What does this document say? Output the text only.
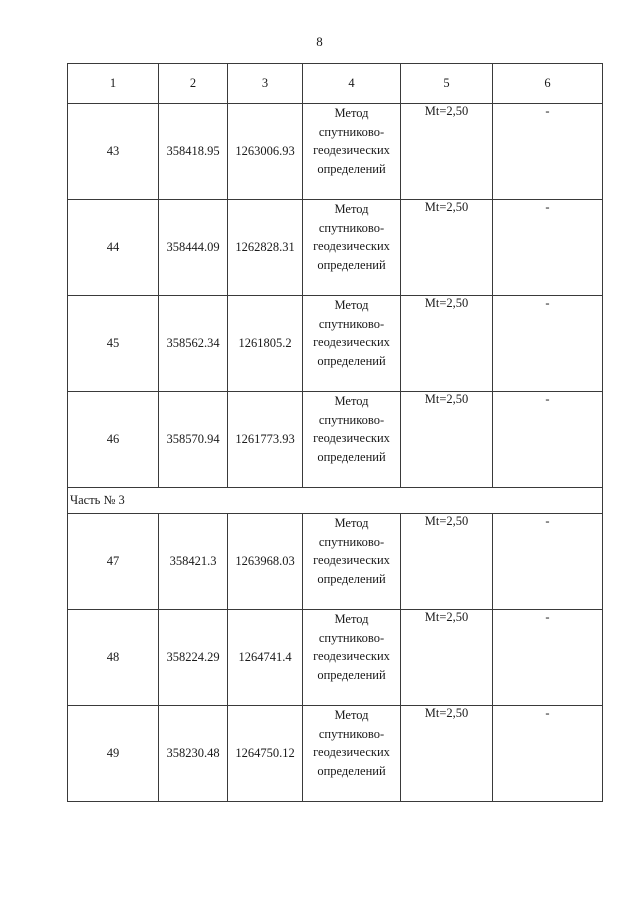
8
1	2	3	4	5	6
43	358418.95	1263006.93	Метод
спутниково-
геодезических
определений	Mt=2,50	-
44	358444.09	1262828.31	Метод
спутниково-
геодезических
определений	Mt=2,50	-
45	358562.34	1261805.2	Метод
спутниково-
геодезических
определений	Mt=2,50	-
46	358570.94	1261773.93	Метод
спутниково-
геодезических
определений	Mt=2,50	-
Часть № 3					
47	358421.3	1263968.03	Метод
спутниково-
геодезических
определений	Mt=2,50	-
48	358224.29	1264741.4	Метод
спутниково-
геодезических
определений	Mt=2,50	-
49	358230.48	1264750.12	Метод
спутниково-
геодезических
определений	Mt=2,50	-
